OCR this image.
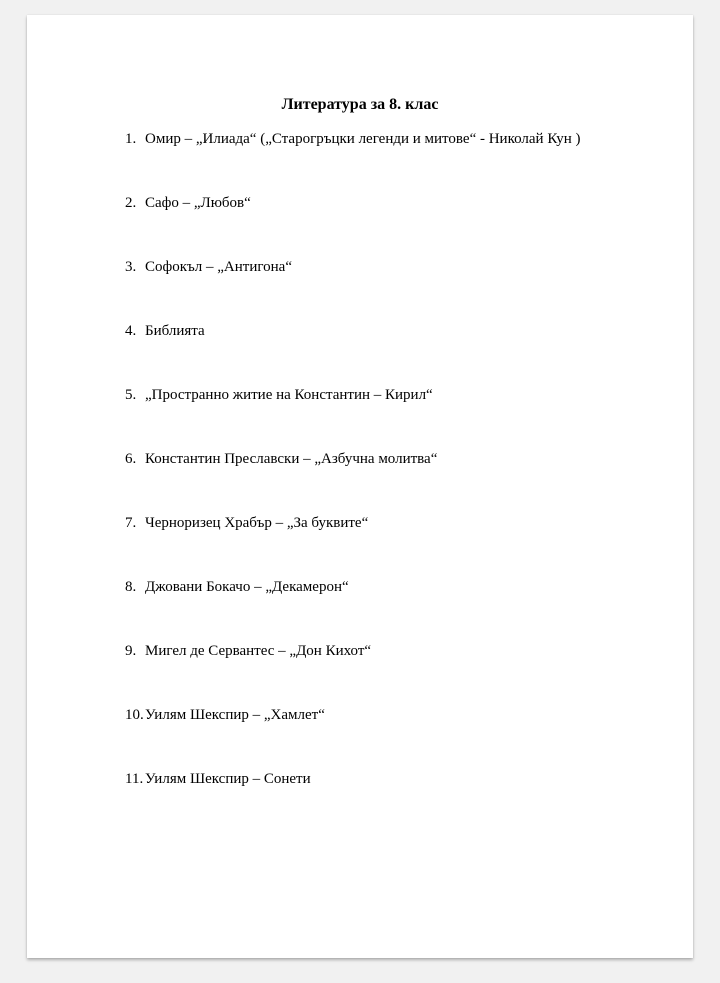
Литература за 8. клас
1. Омир – „Илиада“ („Старогръцки легенди и митове“ - Николай Кун )
2. Сафо – „Любов“
3. Софокъл – „Антигона“
4. Библията
5. „Пространно житие на Константин – Кирил“
6. Константин Преславски – „Азбучна молитва“
7. Черноризец Храбър – „За буквите“
8. Джовани Бокачо – „Декамерон“
9. Мигел де Сервантес – „Дон Кихот“
10. Уилям Шекспир – „Хамлет“
11. Уилям Шекспир – Сонети
